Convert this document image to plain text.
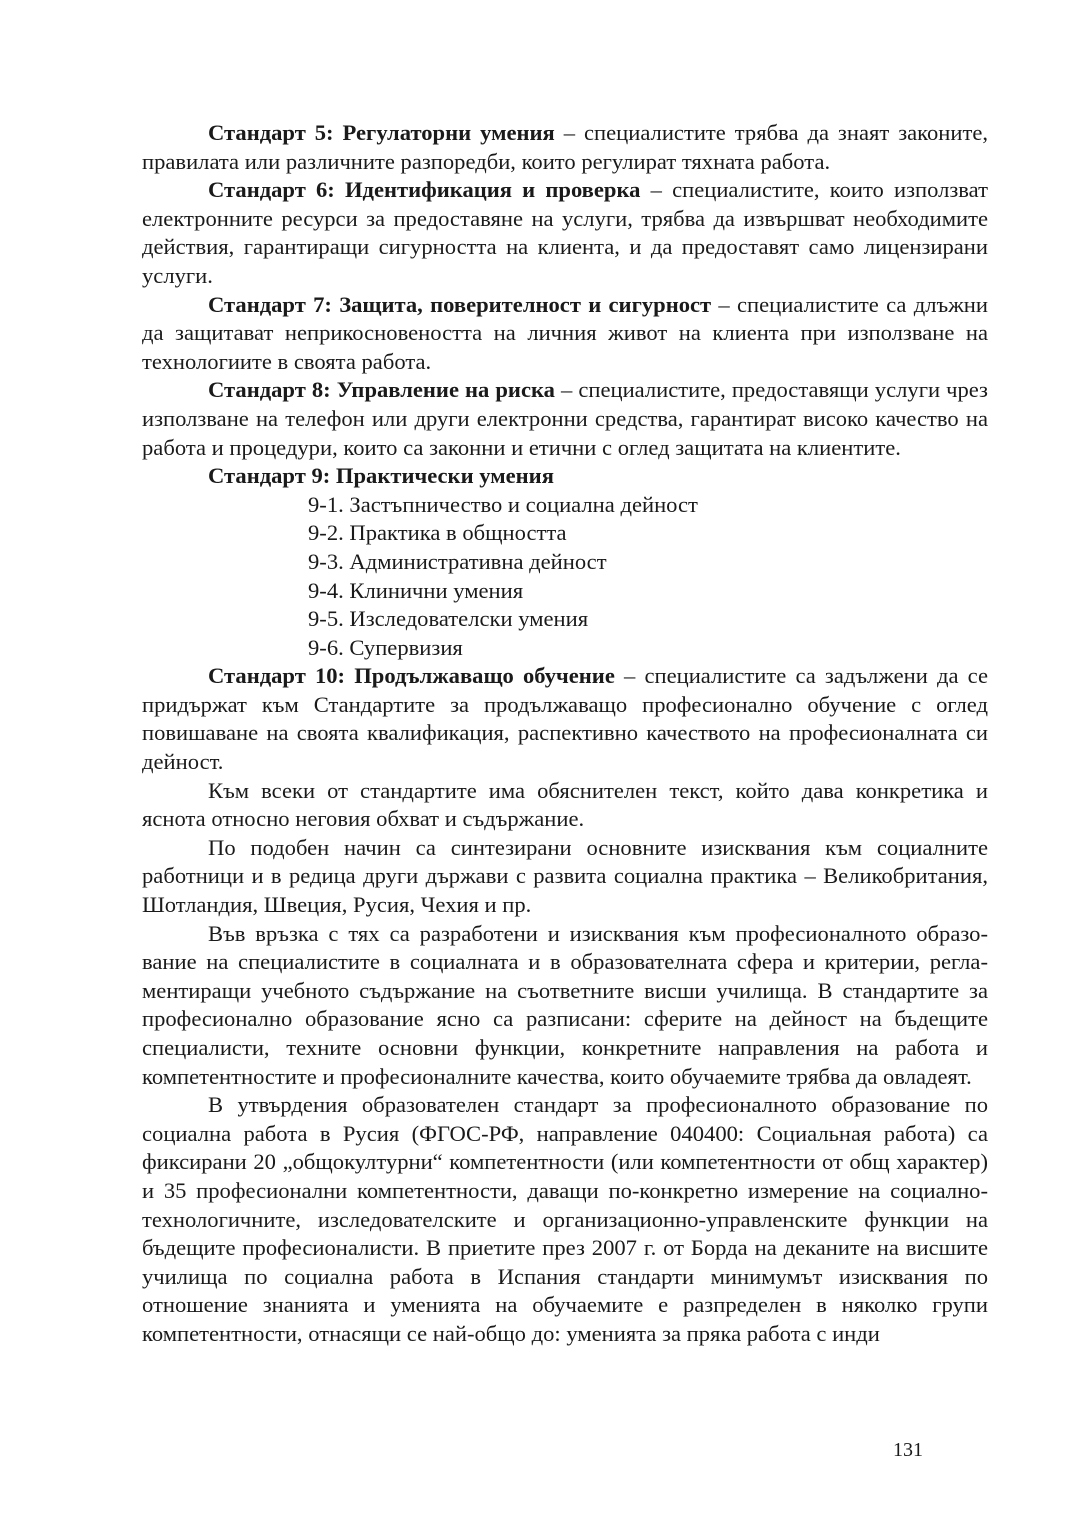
Стандарт 5: Регулаторни умения – специалистите трябва да знаят законите, правилата или различните разпоредби, които регулират тяхната работа.

Стандарт 6: Идентификация и проверка – специалистите, които използват електронните ресурси за предоставяне на услуги, трябва да извършват необходимите действия, гарантиращи сигурността на клиента, и да предоставят само лицензирани услуги.

Стандарт 7: Защита, поверителност и сигурност – специалистите са длъжни да защитават неприкосновеността на личния живот на клиента при използване на технологиите в своята работа.

Стандарт 8: Управление на риска – специалистите, предоставящи услуги чрез използване на телефон или други електронни средства, гарантират високо качество на работа и процедури, които са законни и етични с оглед защитата на клиентите.

Стандарт 9: Практически умения

9-1. Застъпничество и социална дейност
9-2. Практика в общността
9-3. Административна дейност
9-4. Клинични умения
9-5. Изследователски умения
9-6. Супервизия

Стандарт 10: Продължаващо обучение – специалистите са задължени да се придържат към Стандартите за продължаващо професионално обучение с оглед повишаване на своята квалификация, распективно качеството на професионалната си дейност.

Към всеки от стандартите има обяснителен текст, който дава конкретика и яснота относно неговия обхват и съдържание.

По подобен начин са синтезирани основните изисквания към социалните работници и в редица други държави с развита социална практика – Великобритания, Шотландия, Швеция, Русия, Чехия и пр.

Във връзка с тях са разработени и изисквания към професионалното образование на специалистите в социалната и в образователната сфера и критерии, регламентиращи учебното съдържание на съответните висши училища. В стандартите за професионално образование ясно са разписани: сферите на дейност на бъдещите специалисти, техните основни функции, конкретните направления на работа и компетентностите и професионалните качества, които обучаемите трябва да овладеят.

В утвърдения образователен стандарт за професионалното образование по социална работа в Русия (ФГОС-РФ, направление 040400: Социальная работа) са фиксирани 20 „общокултурни“ компетентности (или компетентности от общ характер) и 35 професионални компетентности, даващи по-конкретно измерение на социално-технологичните, изследователските и организационно-управленските функции на бъдещите професионалисти. В приетите през 2007 г. от Борда на деканите на висшите училища по социална работа в Испания стандарти минимумът изисквания по отношение знанията и уменията на обучаемите е разпределен в няколко групи компетентности, отнасящи се най-общо до: уменията за пряка работа с инди

131
